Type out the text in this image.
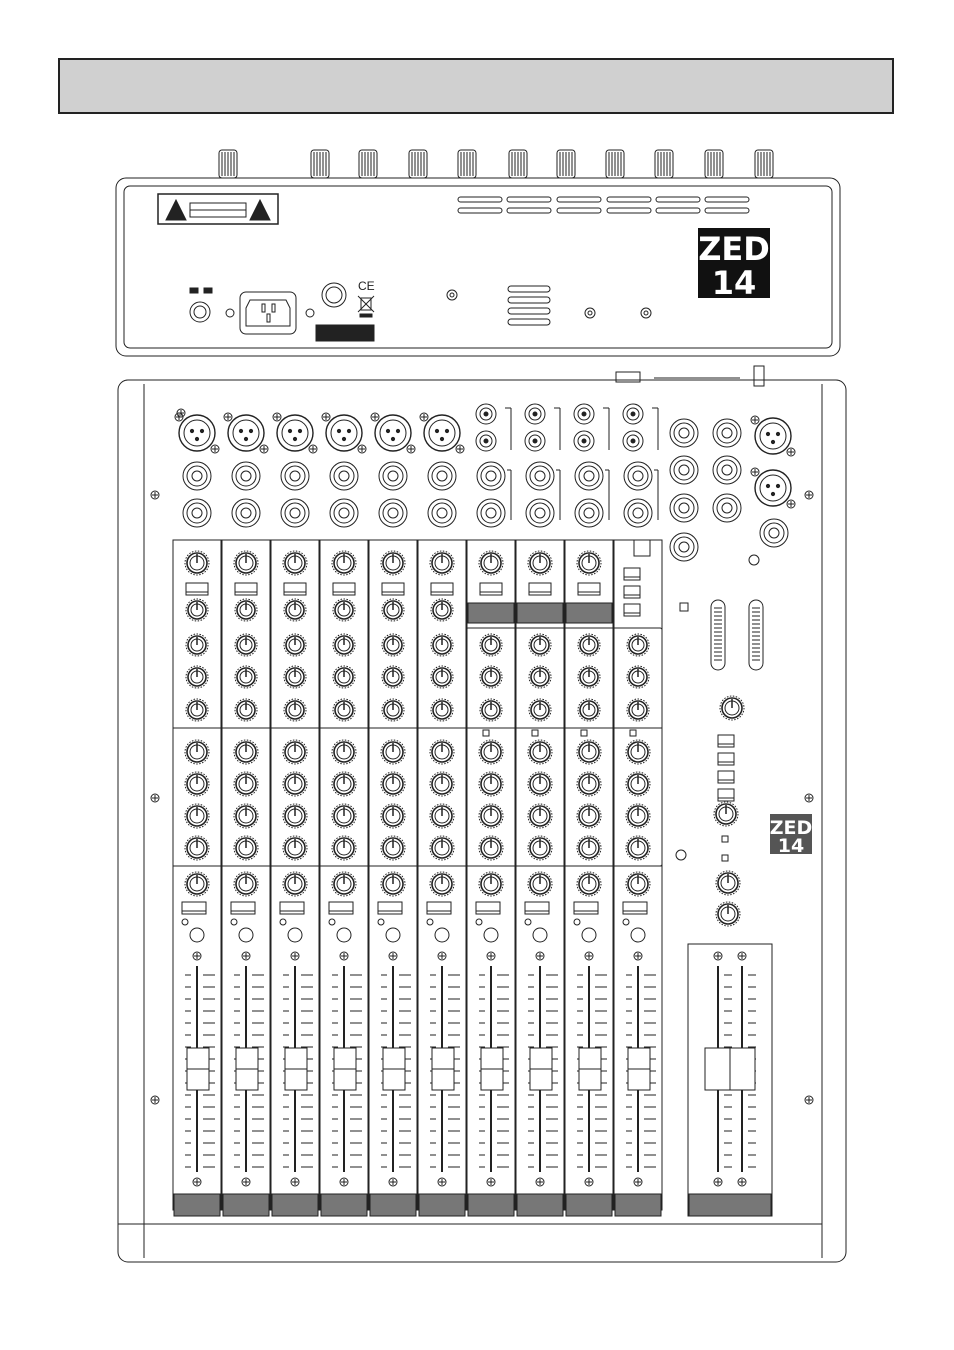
CE
ZED
14
ZED
14
